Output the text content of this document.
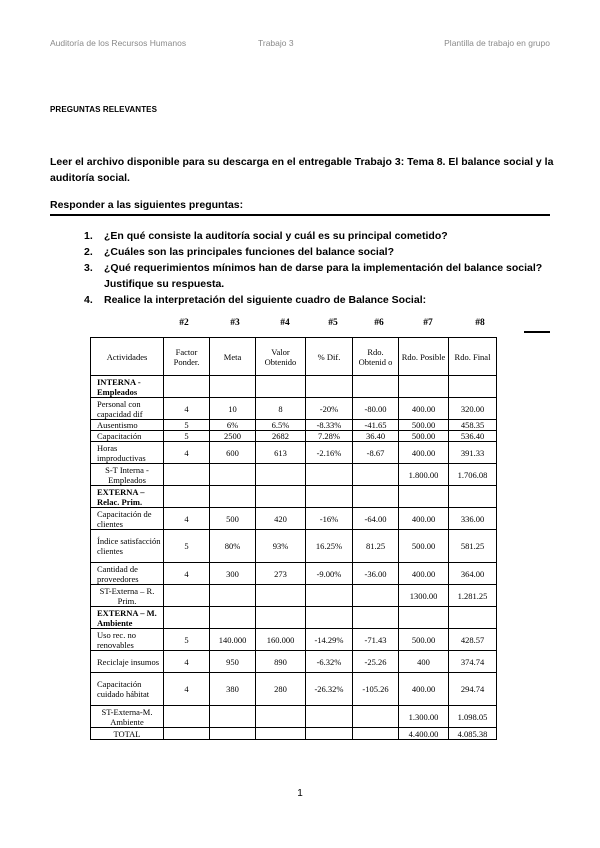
Auditoría de los Recursos Humanos	Trabajo 3	Plantilla de trabajo en grupo
PREGUNTAS RELEVANTES
Leer el archivo disponible para su descarga en el entregable Trabajo 3: Tema 8. El balance social y la auditoría social.
Responder a las siguientes preguntas:
1. ¿En qué consiste la auditoría social y cuál es su principal cometido?
2. ¿Cuáles son las principales funciones del balance social?
3. ¿Qué requerimientos mínimos han de darse para la implementación del balance social? Justifique su respuesta.
4. Realice la interpretación del siguiente cuadro de Balance Social:
#2	#3	#4	#5	#6	#7	#8
Actividades	Factor Ponder.	Meta	Valor Obtenido	% Dif.	Rdo. Obtenid o	Rdo. Posible	Rdo. Final
INTERNA - Empleados							
Personal con capacidad dif	4	10	8	-20%	-80.00	400.00	320.00
Ausentismo	5	6%	6.5%	-8.33%	-41.65	500.00	458.35
Capacitación	5	2500	2682	7.28%	36.40	500.00	536.40
Horas improductivas	4	600	613	-2.16%	-8.67	400.00	391.33
S-T Interna - Empleados						1.800.00	1.706.08
EXTERNA – Relac. Prim.							
Capacitación de clientes	4	500	420	-16%	-64.00	400.00	336.00
Índice satisfacción clientes	5	80%	93%	16.25%	81.25	500.00	581.25
Cantidad de proveedores	4	300	273	-9.00%	-36.00	400.00	364.00
ST-Externa – R. Prim.						1300.00	1.281.25
EXTERNA – M. Ambiente							
Uso rec. no renovables	5	140.000	160.000	-14.29%	-71.43	500.00	428.57
Reciclaje insumos	4	950	890	-6.32%	-25.26	400	374.74
Capacitación cuidado hábitat	4	380	280	-26.32%	-105.26	400.00	294.74
ST-Externa-M. Ambiente						1.300.00	1.098.05
TOTAL						4.400.00	4.085.38
1
